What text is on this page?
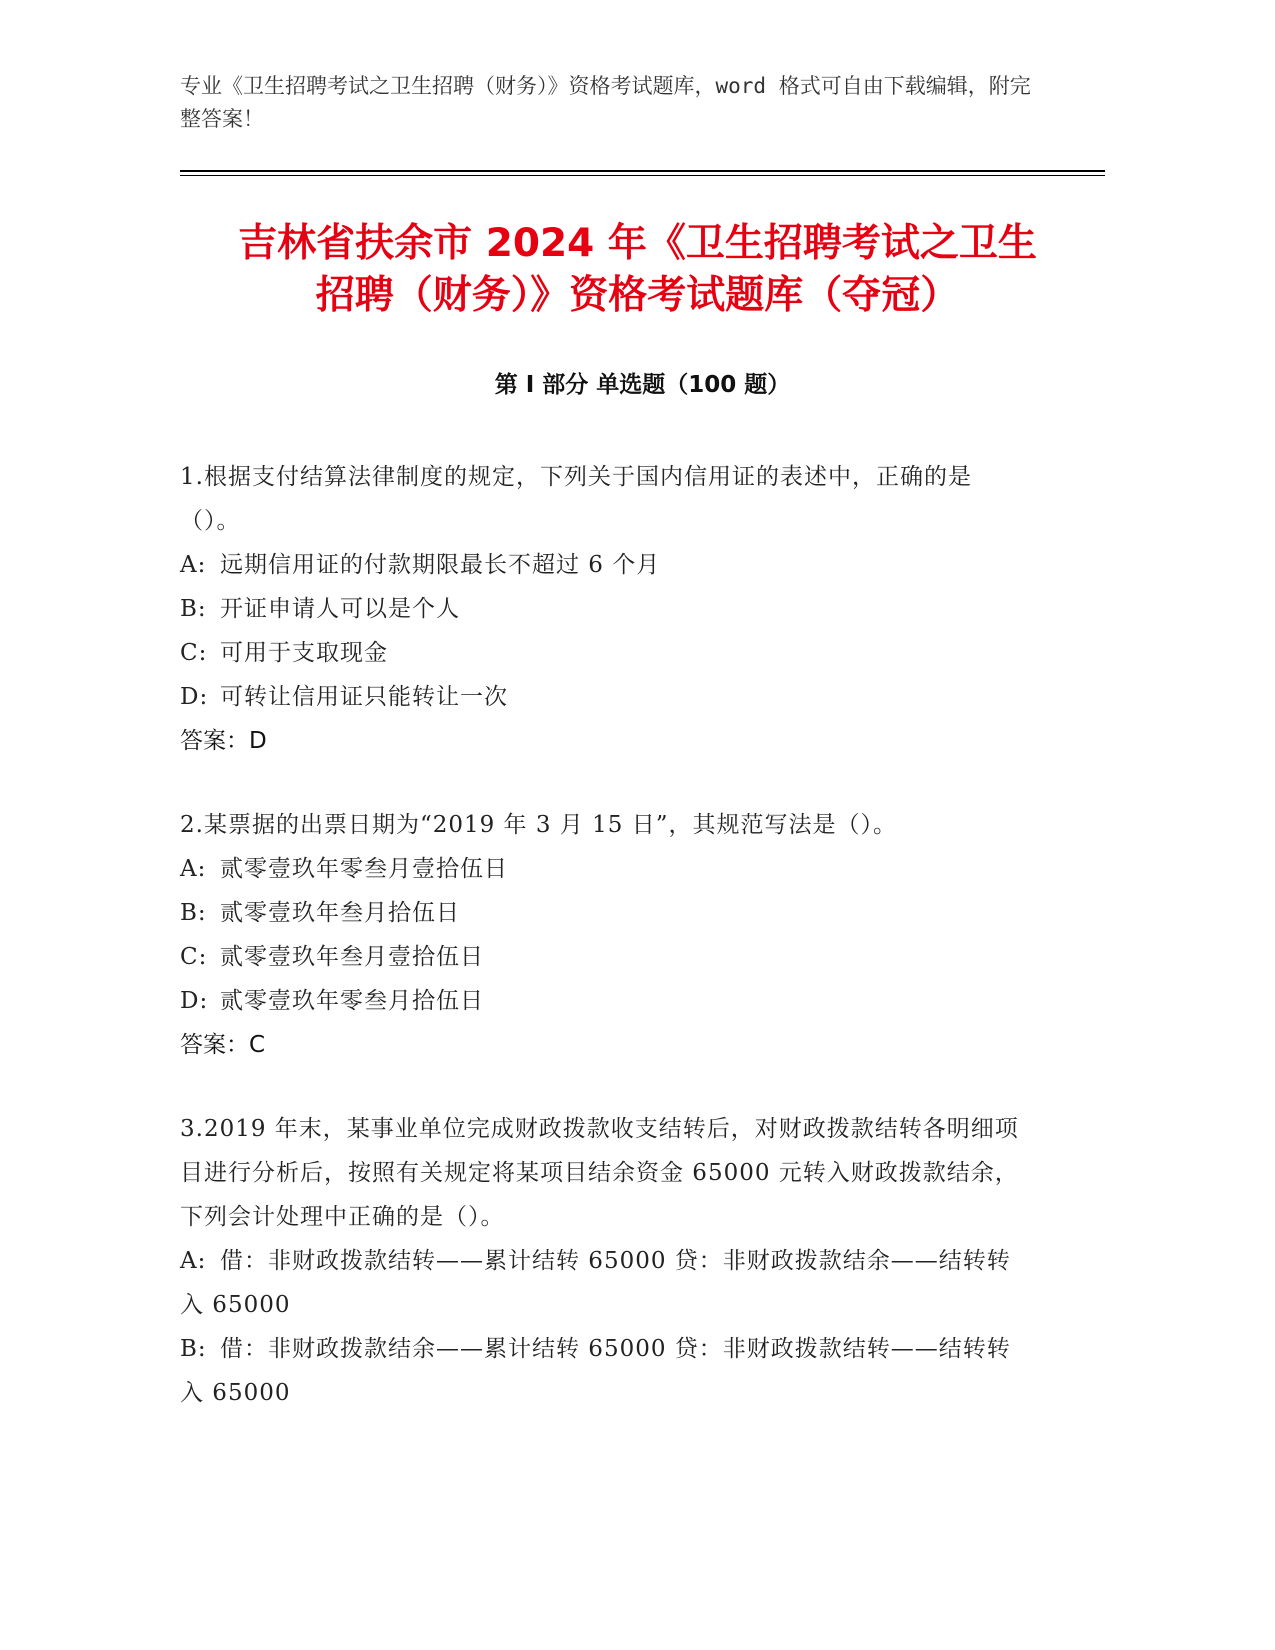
专业《卫生招聘考试之卫生招聘（财务）》资格考试题库，word 格式可自由下载编辑，附完整答案！
吉林省扶余市 2024 年《卫生招聘考试之卫生
招聘（财务）》资格考试题库（夺冠）
第 I 部分 单选题（100 题）

1.根据支付结算法律制度的规定，下列关于国内信用证的表述中，正确的是（）。

A: 远期信用证的付款期限最长不超过 6 个月

B: 开证申请人可以是个人

C: 可用于支取现金

D: 可转让信用证只能转让一次

答案：D

2.某票据的出票日期为“2019 年 3 月 15 日”，其规范写法是（）。

A: 贰零壹玖年零叁月壹拾伍日

B: 贰零壹玖年叁月拾伍日

C: 贰零壹玖年叁月壹拾伍日

D: 贰零壹玖年零叁月拾伍日

答案：C

3.2019 年末，某事业单位完成财政拨款收支结转后，对财政拨款结转各明细项目进行分析后，按照有关规定将某项目结余资金 65000 元转入财政拨款结余，下列会计处理中正确的是（）。

A: 借：非财政拨款结转——累计结转 65000 贷：非财政拨款结余——结转转入 65000

B: 借：非财政拨款结余——累计结转 65000 贷：非财政拨款结转——结转转入 65000
